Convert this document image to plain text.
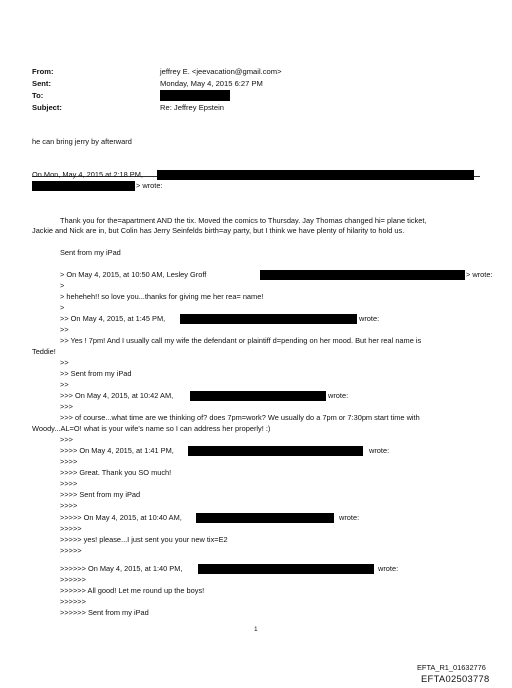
From:	jeffrey E. <jeevacation@gmail.com>
Sent:	Monday, May 4, 2015 6:27 PM
To:
Subject:	Re: Jeffrey Epstein
he can bring jerry by afterward
On Mon, May 4, 2015 at 2:18 PM,
> wrote:
Thank you for the=apartment AND the tix. Moved the comics to Thursday. Jay Thomas changed hi= plane ticket,
Jackie and Nick are in, but Colin has Jerry Seinfelds birth=ay party, but I think we have plenty of hilarity to hold us.
Sent from my iPad
> On May 4, 2015, at 10:50 AM, Lesley Groff	> wrote:
>
> heheheh!! so love you...thanks for giving me her rea= name!
>
>> On May 4, 2015, at 1:45 PM,	wrote:
>>
>> Yes ! 7pm! And I usually call my wife the defendant or plaintiff d=pending on her mood. But her real name is
Teddie!
>>
>> Sent from my iPad
>>
>>> On May 4, 2015, at 10:42 AM,	wrote:
>>>
>>> of course...what time are we thinking of? does 7pm=work? We usually do a 7pm or 7:30pm start time with
Woody...AL=O! what is your wife's name so I can address her properly! :)
>>>
>>>> On May 4, 2015, at 1:41 PM,	wrote:
>>>>
>>>> Great. Thank you SO much!
>>>>
>>>> Sent from my iPad
>>>>
>>>>> On May 4, 2015, at 10:40 AM,	wrote:
>>>>>
>>>>> yes! please...I just sent you your new tix=E2
>>>>>
>>>>>> On May 4, 2015, at 1:40 PM,	wrote:
>>>>>>
>>>>>> All good! Let me round up the boys!
>>>>>>
>>>>>> Sent from my iPad
1
EFTA_R1_01632776
EFTA02503778
